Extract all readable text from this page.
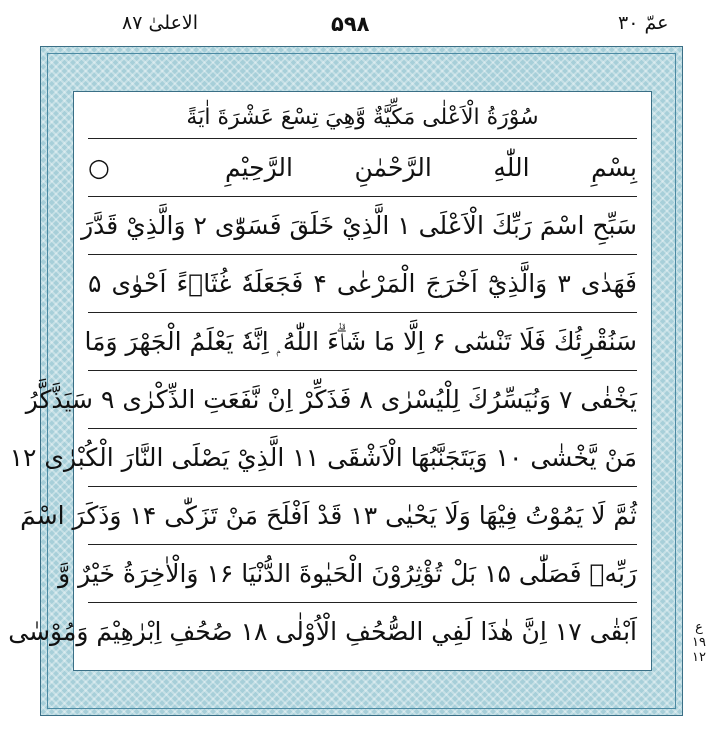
الاعلیٰ ۸۷	۵۹۸	عمّ ۳۰
سُوْرَةُ الْاَعْلٰى مَكِّيَّةٌ وَّهِيَ تِسْعَ عَشْرَةَ اٰيَةً
بِسْمِ اللّٰهِ الرَّحْمٰنِ الرَّحِيْمِ ○
سَبِّحِ اسْمَ رَبِّكَ الْاَعْلَى ۱ الَّذِيْ خَلَقَ فَسَوّٰى ۲ وَالَّذِيْ قَدَّرَ
فَهَدٰى ۳ وَالَّذِيْٓ اَخْرَجَ الْمَرْعٰى ۴ فَجَعَلَهٗ غُثَاۗءً اَحْوٰى ۵
سَنُقْرِئُكَ فَلَا تَنْسٰٓى ۶ اِلَّا مَا شَاۗءَ اللّٰهُ ۭ اِنَّهٗ يَعْلَمُ الْجَهْرَ وَمَا
يَخْفٰى ۷ وَنُيَسِّرُكَ لِلْيُسْرٰى ۸ فَذَكِّرْ اِنْ نَّفَعَتِ الذِّكْرٰى ۹ سَيَذَّكَّرُ
مَنْ يَّخْشٰى ۱۰ وَيَتَجَنَّبُهَا الْاَشْقَى ۱۱ الَّذِيْ يَصْلَى النَّارَ الْكُبْرٰى ۱۲
ثُمَّ لَا يَمُوْتُ فِيْهَا وَلَا يَحْيٰى ۱۳ قَدْ اَفْلَحَ مَنْ تَزَكّٰى ۱۴ وَذَكَرَ اسْمَ
رَبِّهٖ فَصَلّٰى ۱۵ بَلْ تُؤْثِرُوْنَ الْحَيٰوةَ الدُّنْيَا ۱۶ وَالْاٰخِرَةُ خَيْرٌ وَّ
اَبْقٰى ۱۷ اِنَّ هٰذَا لَفِي الصُّحُفِ الْاُوْلٰى ۱۸ صُحُفِ اِبْرٰهِيْمَ وَمُوْسٰى	ع ۱۹ ۱۲
